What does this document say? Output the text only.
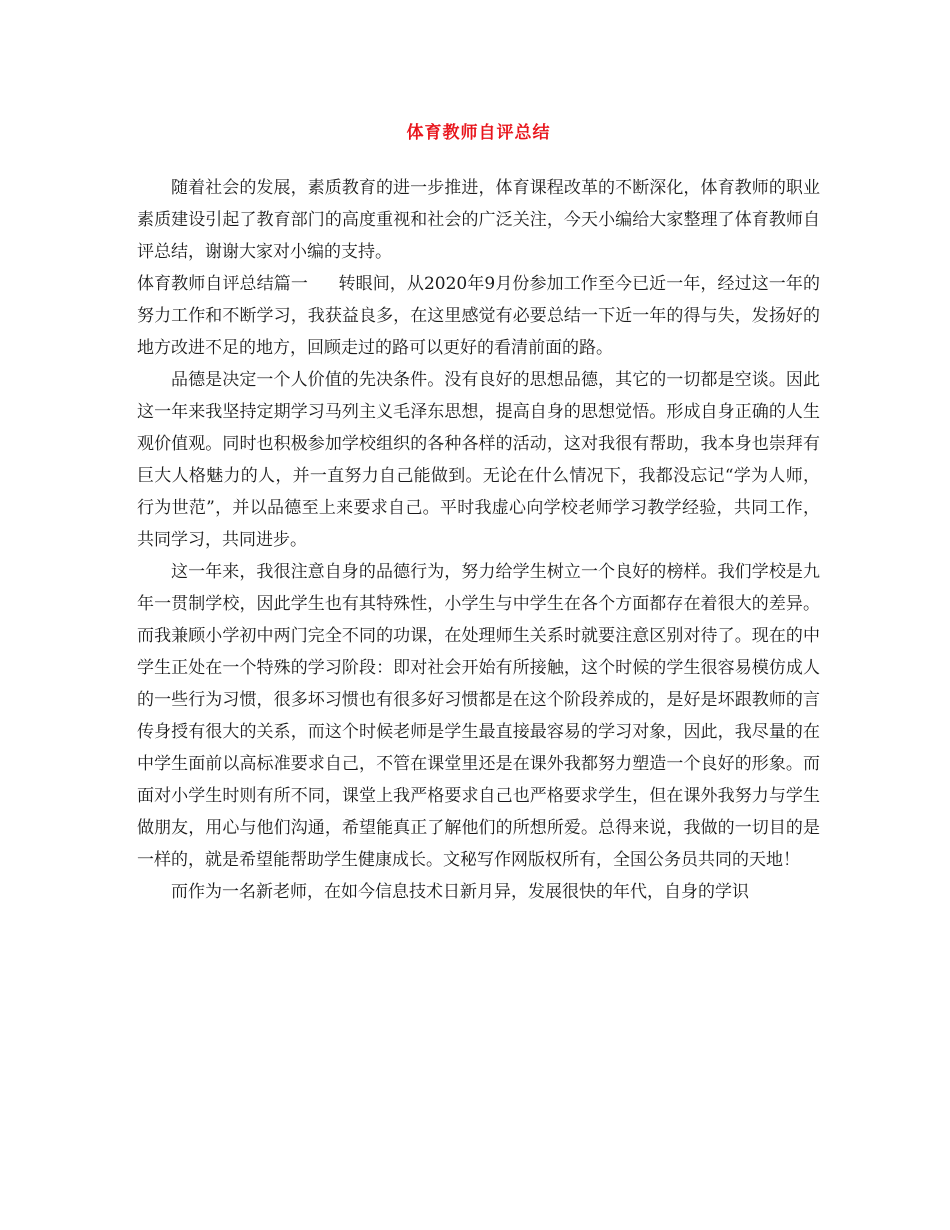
体育教师自评总结

随着社会的发展，素质教育的进一步推进，体育课程改革的不断深化，体育教师的职业素质建设引起了教育部门的高度重视和社会的广泛关注，今天小编给大家整理了体育教师自评总结，谢谢大家对小编的支持。

体育教师自评总结篇一 转眼间，从2020年9月份参加工作至今已近一年，经过这一年的努力工作和不断学习，我获益良多，在这里感觉有必要总结一下近一年的得与失，发扬好的地方改进不足的地方，回顾走过的路可以更好的看清前面的路。

品德是决定一个人价值的先决条件。没有良好的思想品德，其它的一切都是空谈。因此这一年来我坚持定期学习马列主义毛泽东思想，提高自身的思想觉悟。形成自身正确的人生观价值观。同时也积极参加学校组织的各种各样的活动，这对我很有帮助，我本身也崇拜有巨大人格魅力的人，并一直努力自己能做到。无论在什么情况下，我都没忘记“学为人师，行为世范”，并以品德至上来要求自己。平时我虚心向学校老师学习教学经验，共同工作，共同学习，共同进步。

这一年来，我很注意自身的品德行为，努力给学生树立一个良好的榜样。我们学校是九年一贯制学校，因此学生也有其特殊性，小学生与中学生在各个方面都存在着很大的差异。而我兼顾小学初中两门完全不同的功课，在处理师生关系时就要注意区别对待了。现在的中学生正处在一个特殊的学习阶段：即对社会开始有所接触，这个时候的学生很容易模仿成人的一些行为习惯，很多坏习惯也有很多好习惯都是在这个阶段养成的，是好是坏跟教师的言传身授有很大的关系，而这个时候老师是学生最直接最容易的学习对象，因此，我尽量的在中学生面前以高标准要求自己，不管在课堂里还是在课外我都努力塑造一个良好的形象。而面对小学生时则有所不同，课堂上我严格要求自己也严格要求学生，但在课外我努力与学生做朋友，用心与他们沟通，希望能真正了解他们的所想所爱。总得来说，我做的一切目的是一样的，就是希望能帮助学生健康成长。文秘写作网版权所有，全国公务员共同的天地！

而作为一名新老师，在如今信息技术日新月异，发展很快的年代，自身的学识
